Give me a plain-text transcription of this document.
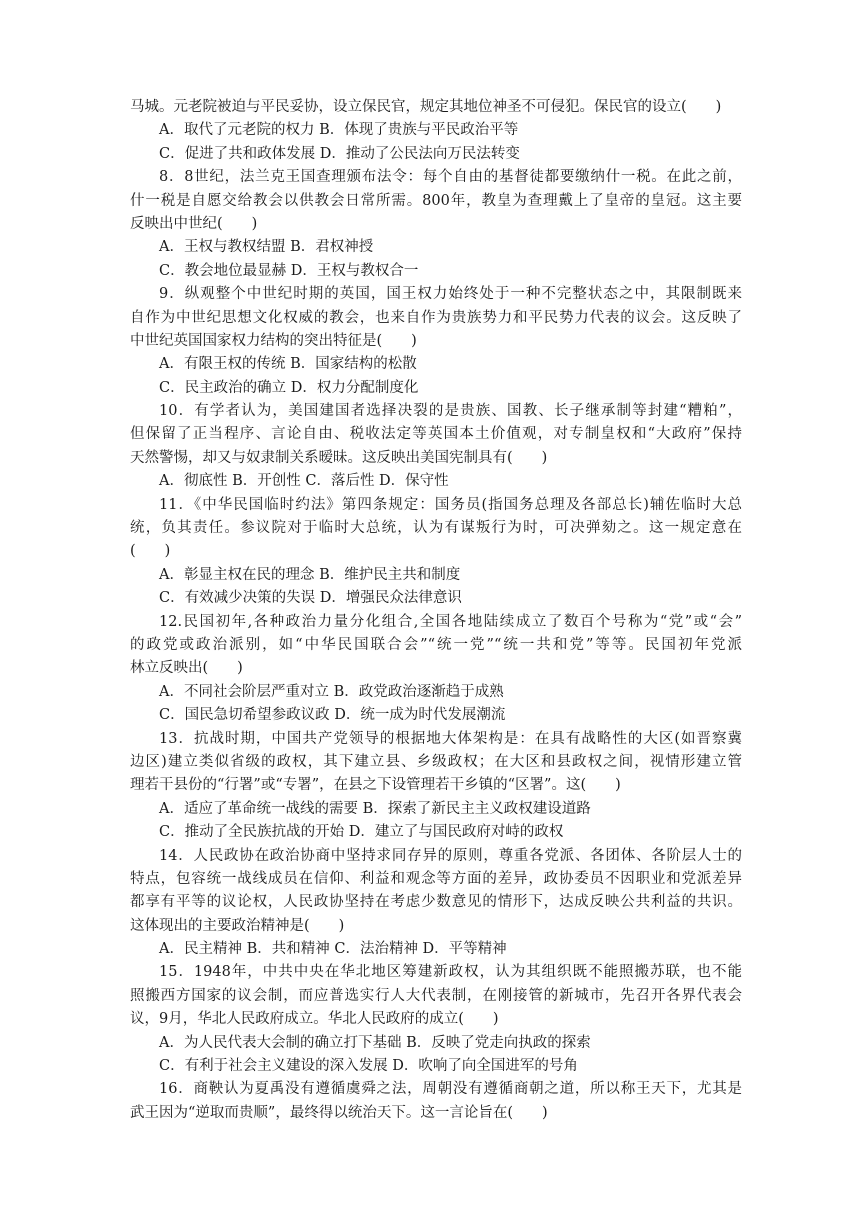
马城。元老院被迫与平民妥协，设立保民官，规定其地位神圣不可侵犯。保民官的设立(　　)
A．取代了元老院的权力 B．体现了贵族与平民政治平等
C．促进了共和政体发展 D．推动了公民法向万民法转变
8．8世纪，法兰克王国查理颁布法令：每个自由的基督徒都要缴纳什一税。在此之前，
什一税是自愿交给教会以供教会日常所需。800年，教皇为查理戴上了皇帝的皇冠。这主要
反映出中世纪(　　)
A．王权与教权结盟 B．君权神授
C．教会地位最显赫 D．王权与教权合一
9．纵观整个中世纪时期的英国，国王权力始终处于一种不完整状态之中，其限制既来
自作为中世纪思想文化权威的教会，也来自作为贵族势力和平民势力代表的议会。这反映了
中世纪英国国家权力结构的突出特征是(　　)
A．有限王权的传统 B．国家结构的松散
C．民主政治的确立 D．权力分配制度化
10．有学者认为，美国建国者选择决裂的是贵族、国教、长子继承制等封建“糟粕”，
但保留了正当程序、言论自由、税收法定等英国本土价值观，对专制皇权和“大政府”保持
天然警惕，却又与奴隶制关系暧昧。这反映出美国宪制具有(　　)
A．彻底性 B．开创性 C．落后性 D．保守性
11．《中华民国临时约法》第四条规定：国务员(指国务总理及各部总长)辅佐临时大总
统，负其责任。参议院对于临时大总统，认为有谋叛行为时，可决弹劾之。这一规定意在
(　　)
A．彰显主权在民的理念 B．维护民主共和制度
C．有效减少决策的失误 D．增强民众法律意识
12.民国初年,各种政治力量分化组合,全国各地陆续成立了数百个号称为“党”或“会”
的政党或政治派别，如“中华民国联合会”“统一党”“统一共和党”等等。民国初年党派
林立反映出(　　)
A．不同社会阶层严重对立 B．政党政治逐渐趋于成熟
C．国民急切希望参政议政 D．统一成为时代发展潮流
13．抗战时期，中国共产党领导的根据地大体架构是：在具有战略性的大区(如晋察冀
边区)建立类似省级的政权，其下建立县、乡级政权；在大区和县政权之间，视情形建立管
理若干县份的“行署”或“专署”，在县之下设管理若干乡镇的“区署”。这(　　)
A．适应了革命统一战线的需要 B．探索了新民主主义政权建设道路
C．推动了全民族抗战的开始 D．建立了与国民政府对峙的政权
14．人民政协在政治协商中坚持求同存异的原则，尊重各党派、各团体、各阶层人士的
特点，包容统一战线成员在信仰、利益和观念等方面的差异，政协委员不因职业和党派差异
都享有平等的议论权，人民政协坚持在考虑少数意见的情形下，达成反映公共利益的共识。
这体现出的主要政治精神是(　　)
A．民主精神 B．共和精神 C．法治精神 D．平等精神
15．1948年，中共中央在华北地区筹建新政权，认为其组织既不能照搬苏联，也不能
照搬西方国家的议会制，而应普选实行人大代表制，在刚接管的新城市，先召开各界代表会
议，9月，华北人民政府成立。华北人民政府的成立(　　)
A．为人民代表大会制的确立打下基础 B．反映了党走向执政的探索
C．有利于社会主义建设的深入发展 D．吹响了向全国进军的号角
16．商鞅认为夏禹没有遵循虞舜之法，周朝没有遵循商朝之道，所以称王天下，尤其是
武王因为“逆取而贵顺”，最终得以统治天下。这一言论旨在(　　)
